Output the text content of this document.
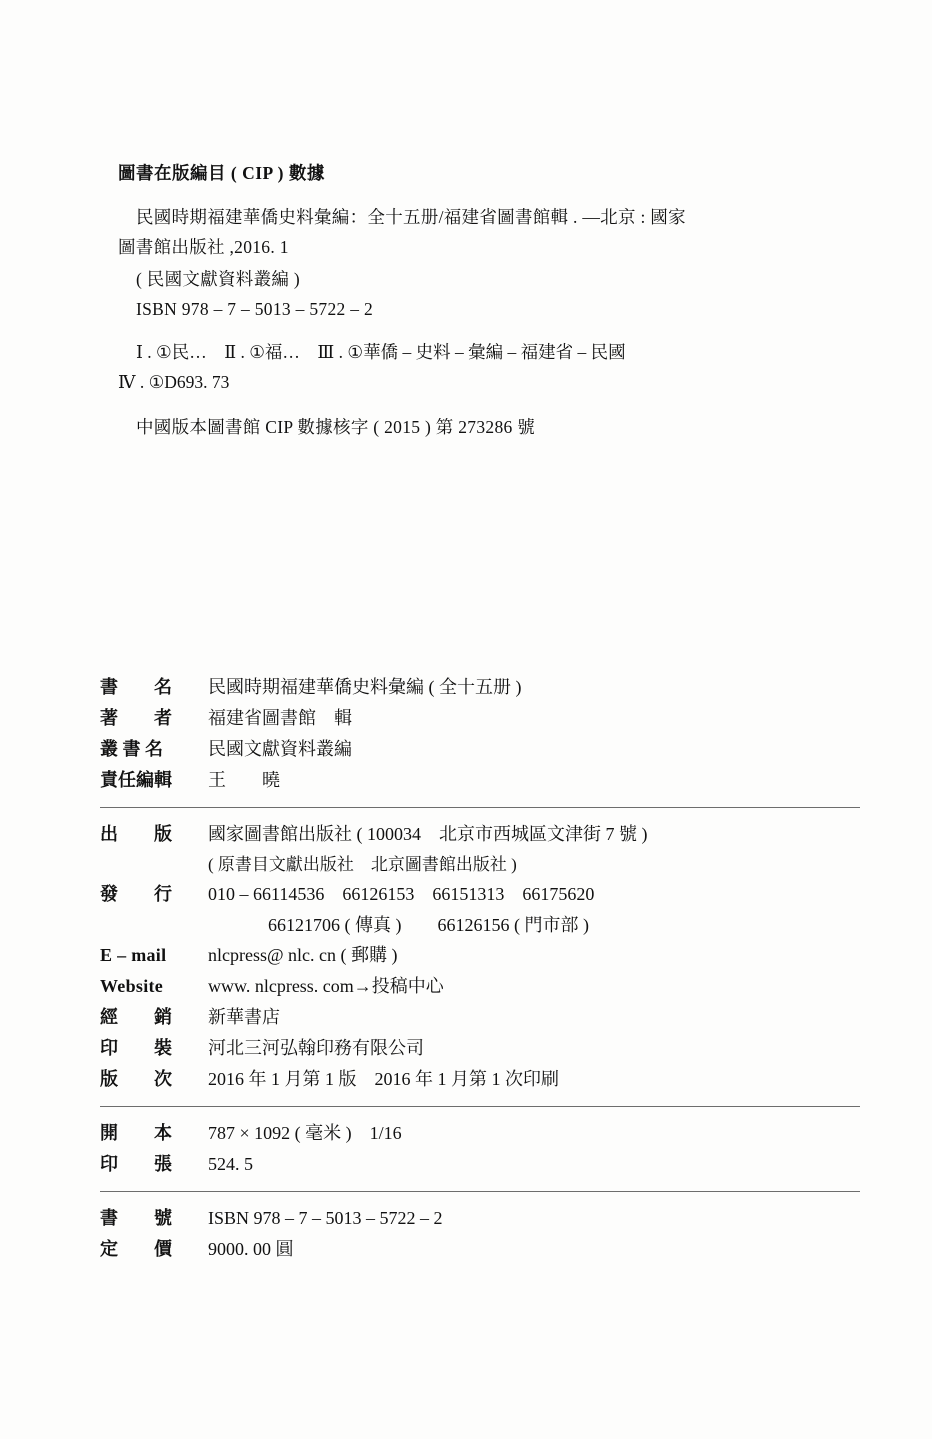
圖書在版編目 ( CIP ) 數據
民國時期福建華僑史料彙編：全十五册/福建省圖書館輯 . —北京 : 國家
圖書館出版社 ,2016. 1
( 民國文獻資料叢編 )
ISBN 978 – 7 – 5013 – 5722 – 2
Ⅰ . ①民…　Ⅱ . ①福…　Ⅲ . ①華僑 – 史料 – 彙編 – 福建省 – 民國
Ⅳ . ①D693. 73
中國版本圖書館 CIP 數據核字 ( 2015 ) 第 273286 號
書　　名	民國時期福建華僑史料彙編 ( 全十五册 )
著　　者	福建省圖書館　輯
叢 書 名	民國文獻資料叢編
責任編輯	王　　曉
出　　版	國家圖書館出版社 ( 100034　北京市西城區文津街 7 號 )
( 原書目文獻出版社　北京圖書館出版社 )
發　　行	010 – 66114536　66126153　66151313　66175620
66121706 ( 傳真 )　　66126156 ( 門市部 )
E – mail	nlcpress@ nlc. cn ( 郵購 )
Website	www. nlcpress. com→投稿中心
經　　銷	新華書店
印　　裝	河北三河弘翰印務有限公司
版　　次	2016 年 1 月第 1 版　2016 年 1 月第 1 次印刷
開　　本	787 × 1092 ( 毫米 )　1/16
印　　張	524. 5
書　　號	ISBN 978 – 7 – 5013 – 5722 – 2
定　　價	9000. 00 圓
